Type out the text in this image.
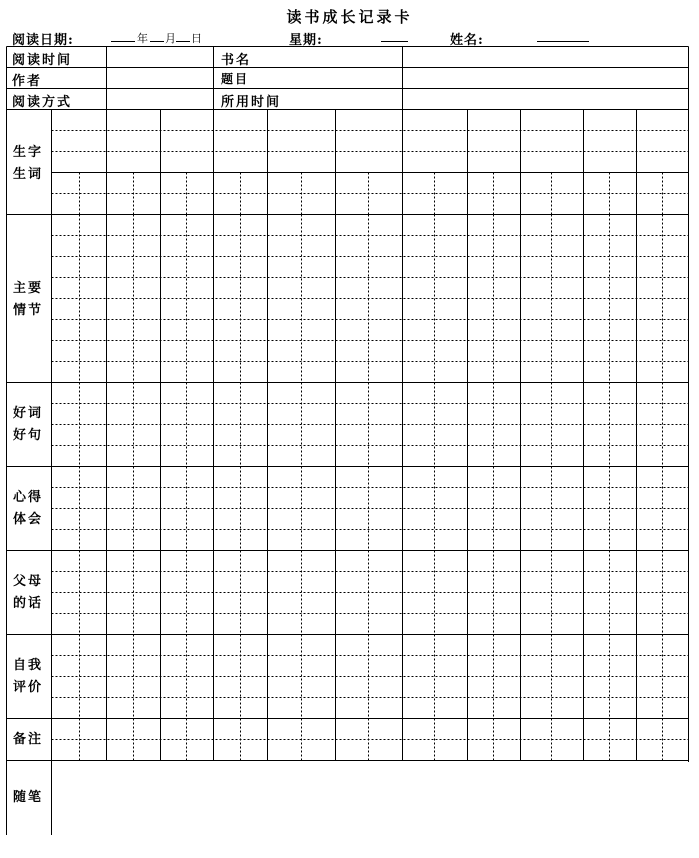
读书成长记录卡
阅读日期:	年 月 日	星期:	姓名:
阅读时间	书名
作者	题目
阅读方式	所用时间
生字
生词
主要
情节
好词
好句
心得
体会
父母
的话
自我
评价
备注
随笔
